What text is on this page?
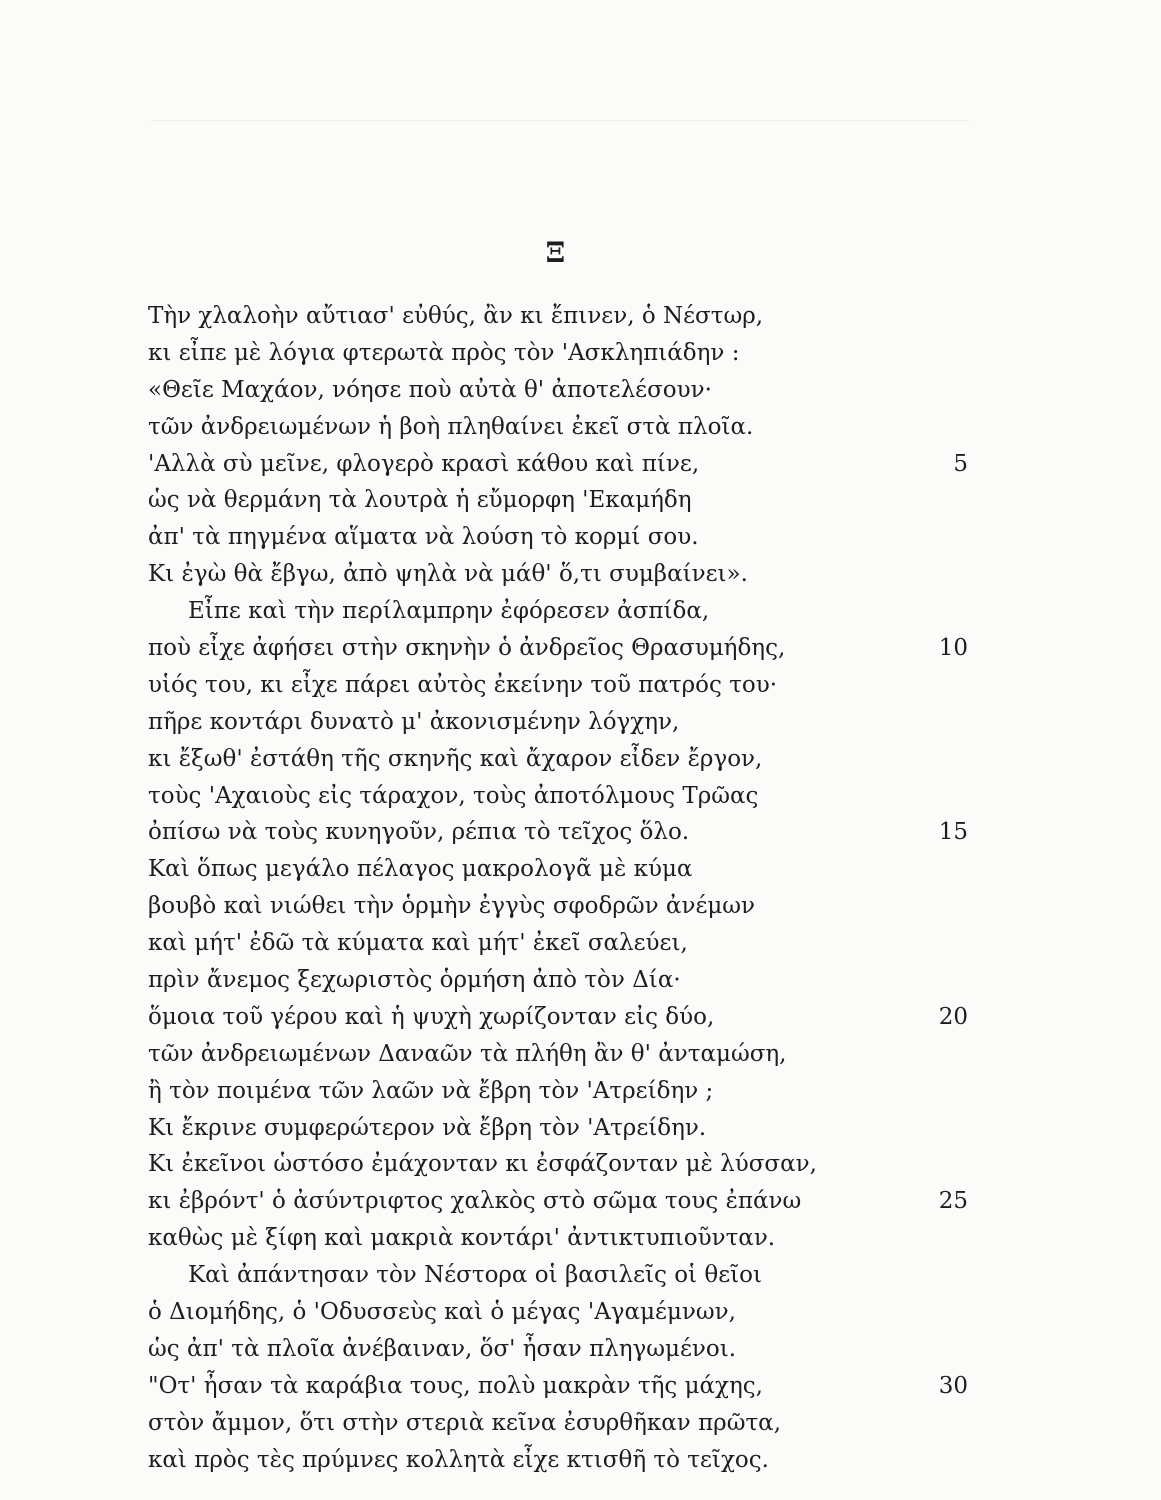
Ξ
Τὴν χλαλοὴν αὔτιασ' εὐθύς, ἂν κι ἔπινεν, ὁ Νέστωρ,
κι εἶπε μὲ λόγια φτερωτὰ πρὸς τὸν 'Ασκληπιάδην :
«Θεῖε Μαχάον, νόησε ποὺ αὐτὰ θ' ἀποτελέσουν·
τῶν ἀνδρειωμένων ἡ βοὴ πληθαίνει ἐκεῖ στὰ πλοῖα.
'Αλλὰ σὺ μεῖνε, φλογερὸ κρασὶ κάθου καὶ πίνε,	5
ὡς νὰ θερμάνη τὰ λουτρὰ ἡ εὔμορφη 'Εκαμήδη
ἀπ' τὰ πηγμένα αἵματα νὰ λούση τὸ κορμί σου.
Κι ἐγὼ θὰ ἔβγω, ἀπὸ ψηλὰ νὰ μάθ' ὅ,τι συμβαίνει».
Εἶπε καὶ τὴν περίλαμπρην ἐφόρεσεν ἀσπίδα,
ποὺ εἶχε ἀφήσει στὴν σκηνὴν ὁ ἀνδρεῖος Θρασυμήδης,	10
υἱός του, κι εἶχε πάρει αὐτὸς ἐκείνην τοῦ πατρός του·
πῆρε κοντάρι δυνατὸ μ' ἀκονισμένην λόγχην,
κι ἔξωθ' ἐστάθη τῆς σκηνῆς καὶ ἄχαρον εἶδεν ἔργον,
τοὺς 'Αχαιοὺς εἰς τάραχον, τοὺς ἀποτόλμους Τρῶας
ὀπίσω νὰ τοὺς κυνηγοῦν, ρέπια τὸ τεῖχος ὅλο.	15
Καὶ ὅπως μεγάλο πέλαγος μακρολογᾶ μὲ κύμα
βουβὸ καὶ νιώθει τὴν ὁρμὴν ἐγγὺς σφοδρῶν ἀνέμων
καὶ μήτ' ἐδῶ τὰ κύματα καὶ μήτ' ἐκεῖ σαλεύει,
πρὶν ἄνεμος ξεχωριστὸς ὁρμήση ἀπὸ τὸν Δία·
ὅμοια τοῦ γέρου καὶ ἡ ψυχὴ χωρίζονταν εἰς δύο,	20
τῶν ἀνδρειωμένων Δαναῶν τὰ πλήθη ἂν θ' ἀνταμώση,
ἢ τὸν ποιμένα τῶν λαῶν νὰ ἔβρη τὸν 'Ατρείδην ;
Κι ἔκρινε συμφερώτερον νὰ ἔβρη τὸν 'Ατρείδην.
Κι ἐκεῖνοι ὡστόσο ἐμάχονταν κι ἐσφάζονταν μὲ λύσσαν,
κι ἐβρόντ' ὁ ἀσύντριφτος χαλκὸς στὸ σῶμα τους ἐπάνω	25
καθὼς μὲ ξίφη καὶ μακριὰ κοντάρι' ἀντικτυπιοῦνταν.
Καὶ ἀπάντησαν τὸν Νέστορα οἱ βασιλεῖς οἱ θεῖοι
ὁ Διομήδης, ὁ 'Οδυσσεὺς καὶ ὁ μέγας 'Αγαμέμνων,
ὡς ἀπ' τὰ πλοῖα ἀνέβαιναν, ὅσ' ἦσαν πληγωμένοι.
"Οτ' ἦσαν τὰ καράβια τους, πολὺ μακρὰν τῆς μάχης,	30
στὸν ἄμμον, ὅτι στὴν στεριὰ κεῖνα ἐσυρθῆκαν πρῶτα,
καὶ πρὸς τὲς πρύμνες κολλητὰ εἶχε κτισθῆ τὸ τεῖχος.
